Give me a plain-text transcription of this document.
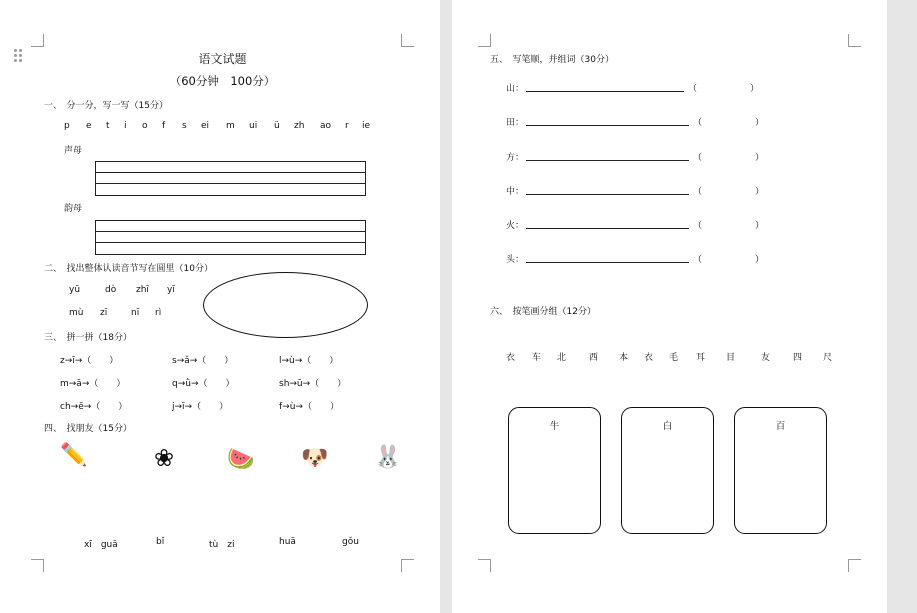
语文试题
（60分钟　100分）
一、　分一分，写一写（15分）
p e t i o f s ei m ui ü zh ao r ie
声母
韵母
二、　找出整体认读音节写在圆里（10分）
yū	dò zhī yī
mù zī	nī rì
三、　拼一拼（18分）
z→ī→（　　）	s→ǎ→（　　）	l→ù→（　　）
m→ā→（　　）	q→ǜ→（　　）	sh→ū→（　　）
ch→ē→（　　）	j→ī→（　　）	f→ù→（　　）
四、　找朋友（15分）
✏️	❀ 🍉 🐶 🐰
xī　guā	bǐ	tù　zi	huā	gǒu
五、　写笔顺，并组词（30分）
山：	（	）
田：	（	）
方：	（	）
中：	（	）
火：	（	）
头：	（	）
六、　按笔画分组（12分）
衣 车 北	西 本 衣 毛 耳 目	友	四 尺
牛	白	百
